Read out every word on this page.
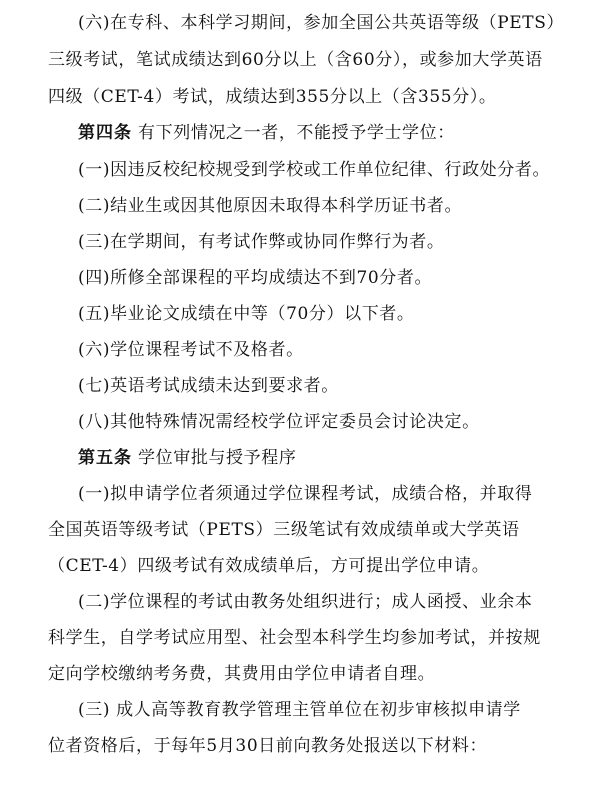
(六)在专科、本科学习期间，参加全国公共英语等级（PETS）
三级考试，笔试成绩达到60分以上（含60分），或参加大学英语
四级（CET-4）考试，成绩达到355分以上（含355分）。
第四条 有下列情况之一者，不能授予学士学位：
(一)因违反校纪校规受到学校或工作单位纪律、行政处分者。
(二)结业生或因其他原因未取得本科学历证书者。
(三)在学期间，有考试作弊或协同作弊行为者。
(四)所修全部课程的平均成绩达不到70分者。
(五)毕业论文成绩在中等（70分）以下者。
(六)学位课程考试不及格者。
(七)英语考试成绩未达到要求者。
(八)其他特殊情况需经校学位评定委员会讨论决定。
第五条 学位审批与授予程序
(一)拟申请学位者须通过学位课程考试，成绩合格，并取得
全国英语等级考试（PETS）三级笔试有效成绩单或大学英语
（CET-4）四级考试有效成绩单后，方可提出学位申请。
(二)学位课程的考试由教务处组织进行；成人函授、业余本
科学生，自学考试应用型、社会型本科学生均参加考试，并按规
定向学校缴纳考务费，其费用由学位申请者自理。
(三) 成人高等教育教学管理主管单位在初步审核拟申请学
位者资格后，于每年5月30日前向教务处报送以下材料：
